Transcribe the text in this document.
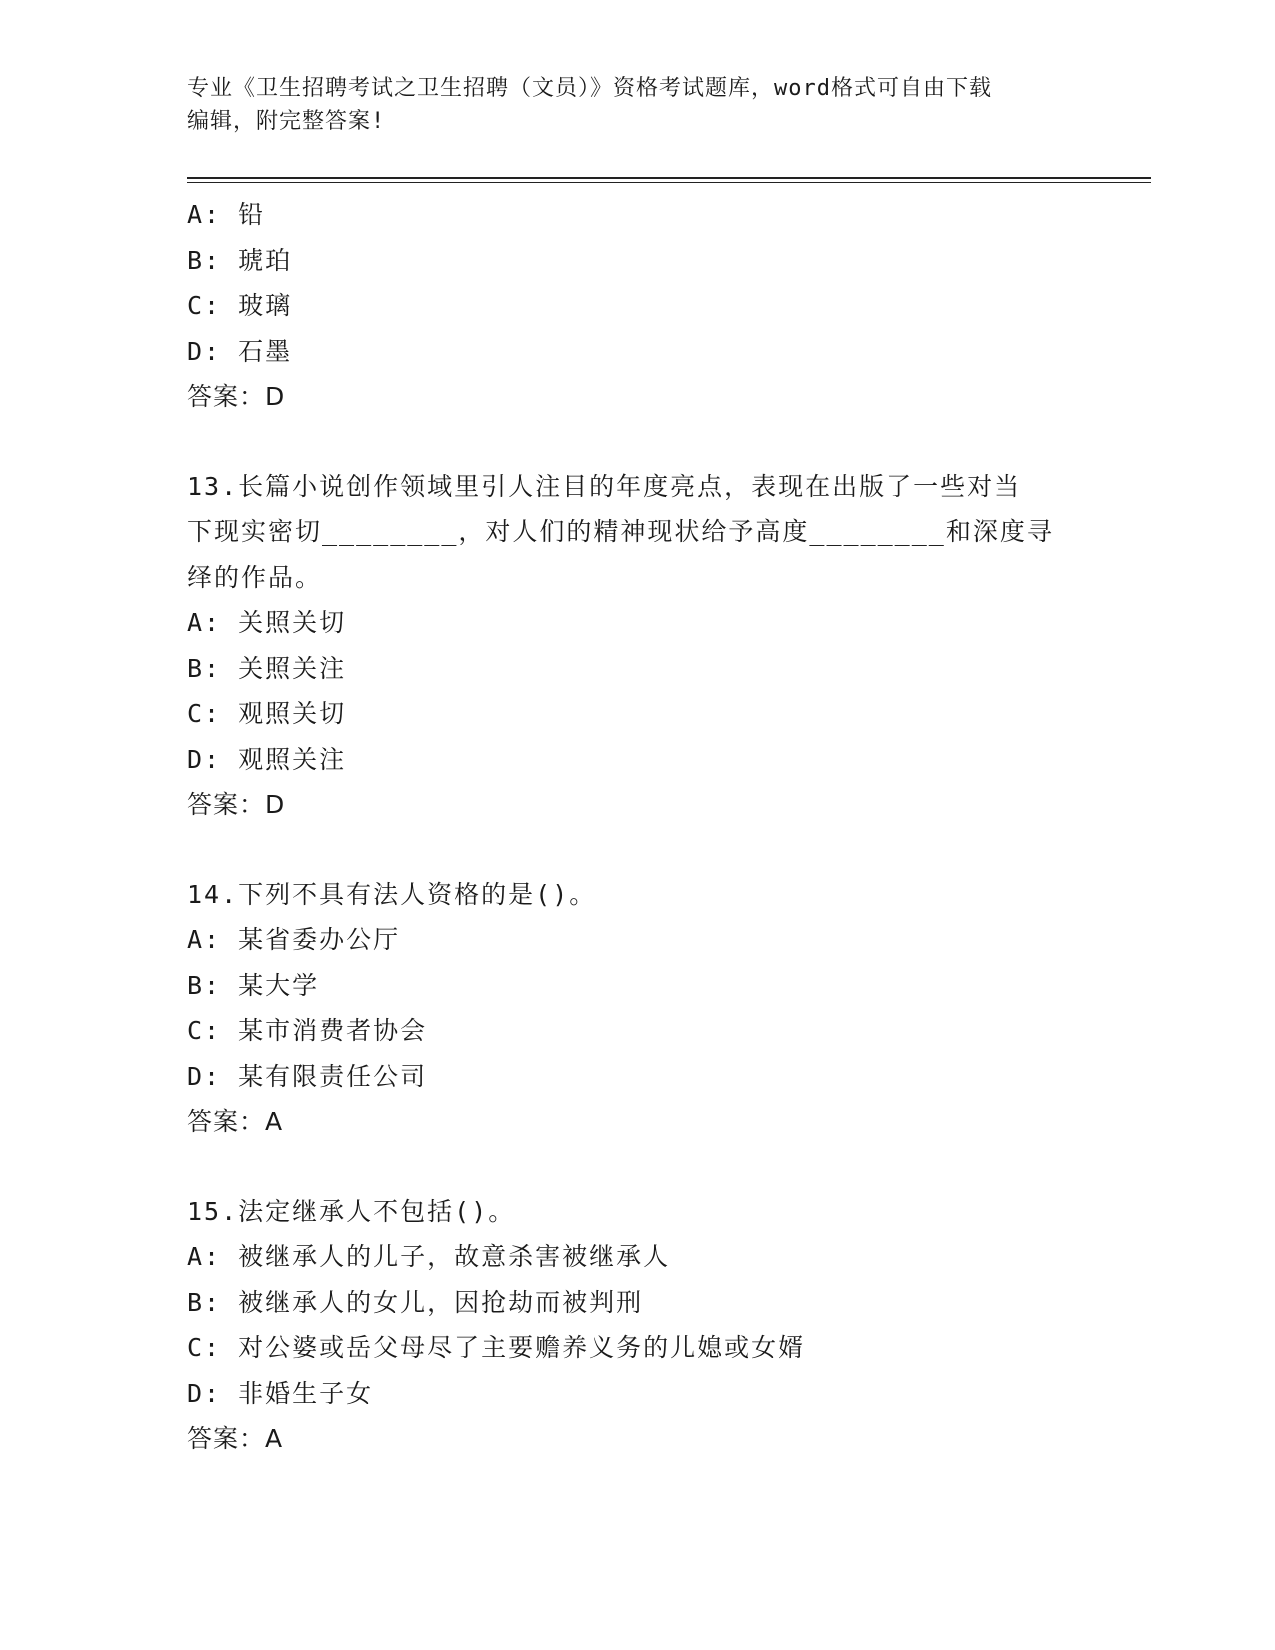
专业《卫生招聘考试之卫生招聘（文员）》资格考试题库，word格式可自由下载
编辑，附完整答案!
A: 铅
B: 琥珀
C: 玻璃
D: 石墨
答案：D
13.长篇小说创作领域里引人注目的年度亮点，表现在出版了一些对当
下现实密切________，对人们的精神现状给予高度________和深度寻
绎的作品。
A: 关照关切
B: 关照关注
C: 观照关切
D: 观照关注
答案：D
14.下列不具有法人资格的是()。
A: 某省委办公厅
B: 某大学
C: 某市消费者协会
D: 某有限责任公司
答案：A
15.法定继承人不包括()。
A: 被继承人的儿子，故意杀害被继承人
B: 被继承人的女儿，因抢劫而被判刑
C: 对公婆或岳父母尽了主要赡养义务的儿媳或女婿
D: 非婚生子女
答案：A
